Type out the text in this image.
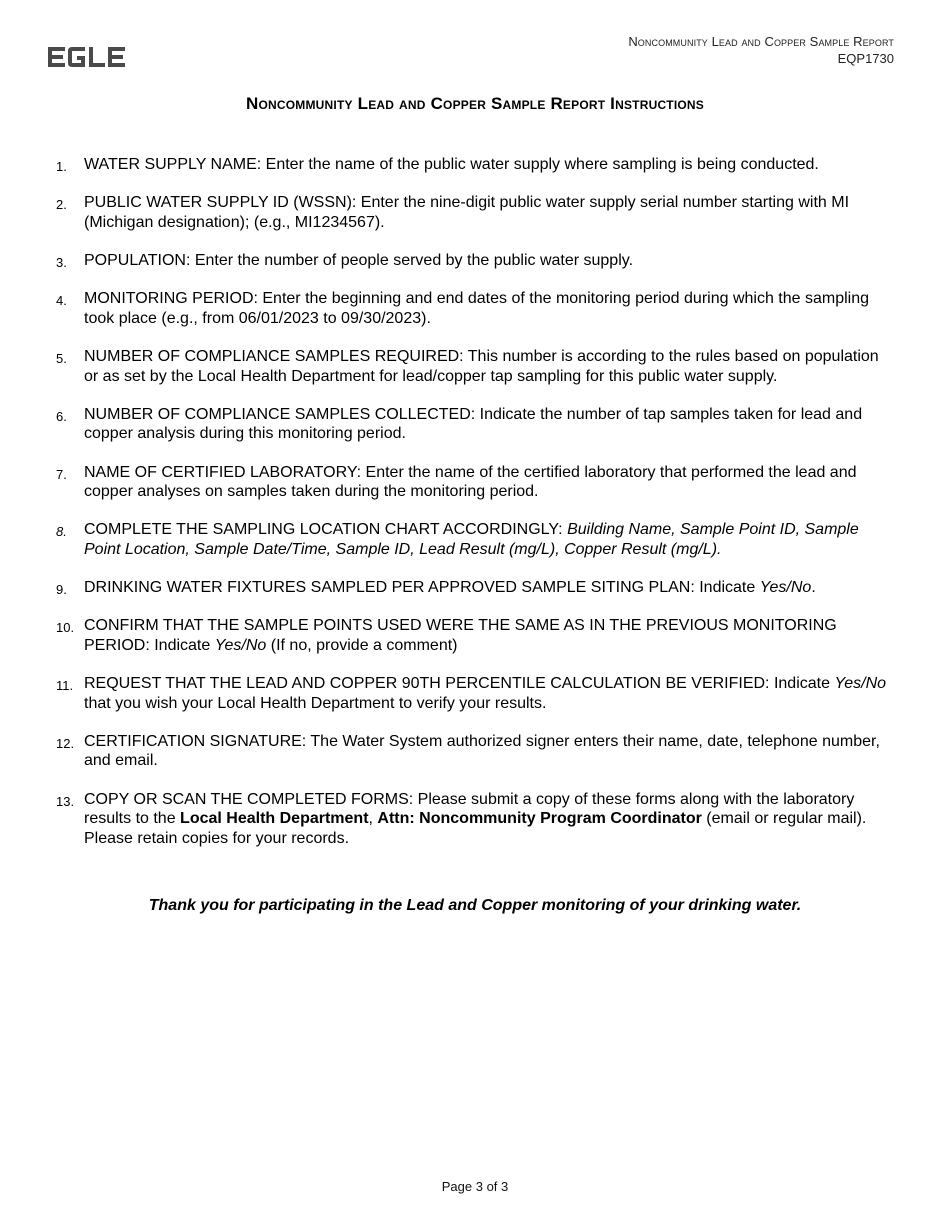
EGLE	Noncommunity Lead and Copper Sample Report
EQP1730
Noncommunity Lead and Copper Sample Report Instructions
1. WATER SUPPLY NAME: Enter the name of the public water supply where sampling is being conducted.
2. PUBLIC WATER SUPPLY ID (WSSN): Enter the nine-digit public water supply serial number starting with MI (Michigan designation); (e.g., MI1234567).
3. POPULATION: Enter the number of people served by the public water supply.
4. MONITORING PERIOD: Enter the beginning and end dates of the monitoring period during which the sampling took place (e.g., from 06/01/2023 to 09/30/2023).
5. NUMBER OF COMPLIANCE SAMPLES REQUIRED: This number is according to the rules based on population or as set by the Local Health Department for lead/copper tap sampling for this public water supply.
6. NUMBER OF COMPLIANCE SAMPLES COLLECTED: Indicate the number of tap samples taken for lead and copper analysis during this monitoring period.
7. NAME OF CERTIFIED LABORATORY: Enter the name of the certified laboratory that performed the lead and copper analyses on samples taken during the monitoring period.
8. COMPLETE THE SAMPLING LOCATION CHART ACCORDINGLY: Building Name, Sample Point ID, Sample Point Location, Sample Date/Time, Sample ID, Lead Result (mg/L), Copper Result (mg/L).
9. DRINKING WATER FIXTURES SAMPLED PER APPROVED SAMPLE SITING PLAN: Indicate Yes/No.
10. CONFIRM THAT THE SAMPLE POINTS USED WERE THE SAME AS IN THE PREVIOUS MONITORING PERIOD: Indicate Yes/No (If no, provide a comment)
11. REQUEST THAT THE LEAD AND COPPER 90TH PERCENTILE CALCULATION BE VERIFIED: Indicate Yes/No that you wish your Local Health Department to verify your results.
12. CERTIFICATION SIGNATURE: The Water System authorized signer enters their name, date, telephone number, and email.
13. COPY OR SCAN THE COMPLETED FORMS: Please submit a copy of these forms along with the laboratory results to the Local Health Department, Attn: Noncommunity Program Coordinator (email or regular mail). Please retain copies for your records.
Thank you for participating in the Lead and Copper monitoring of your drinking water.
Page 3 of 3
